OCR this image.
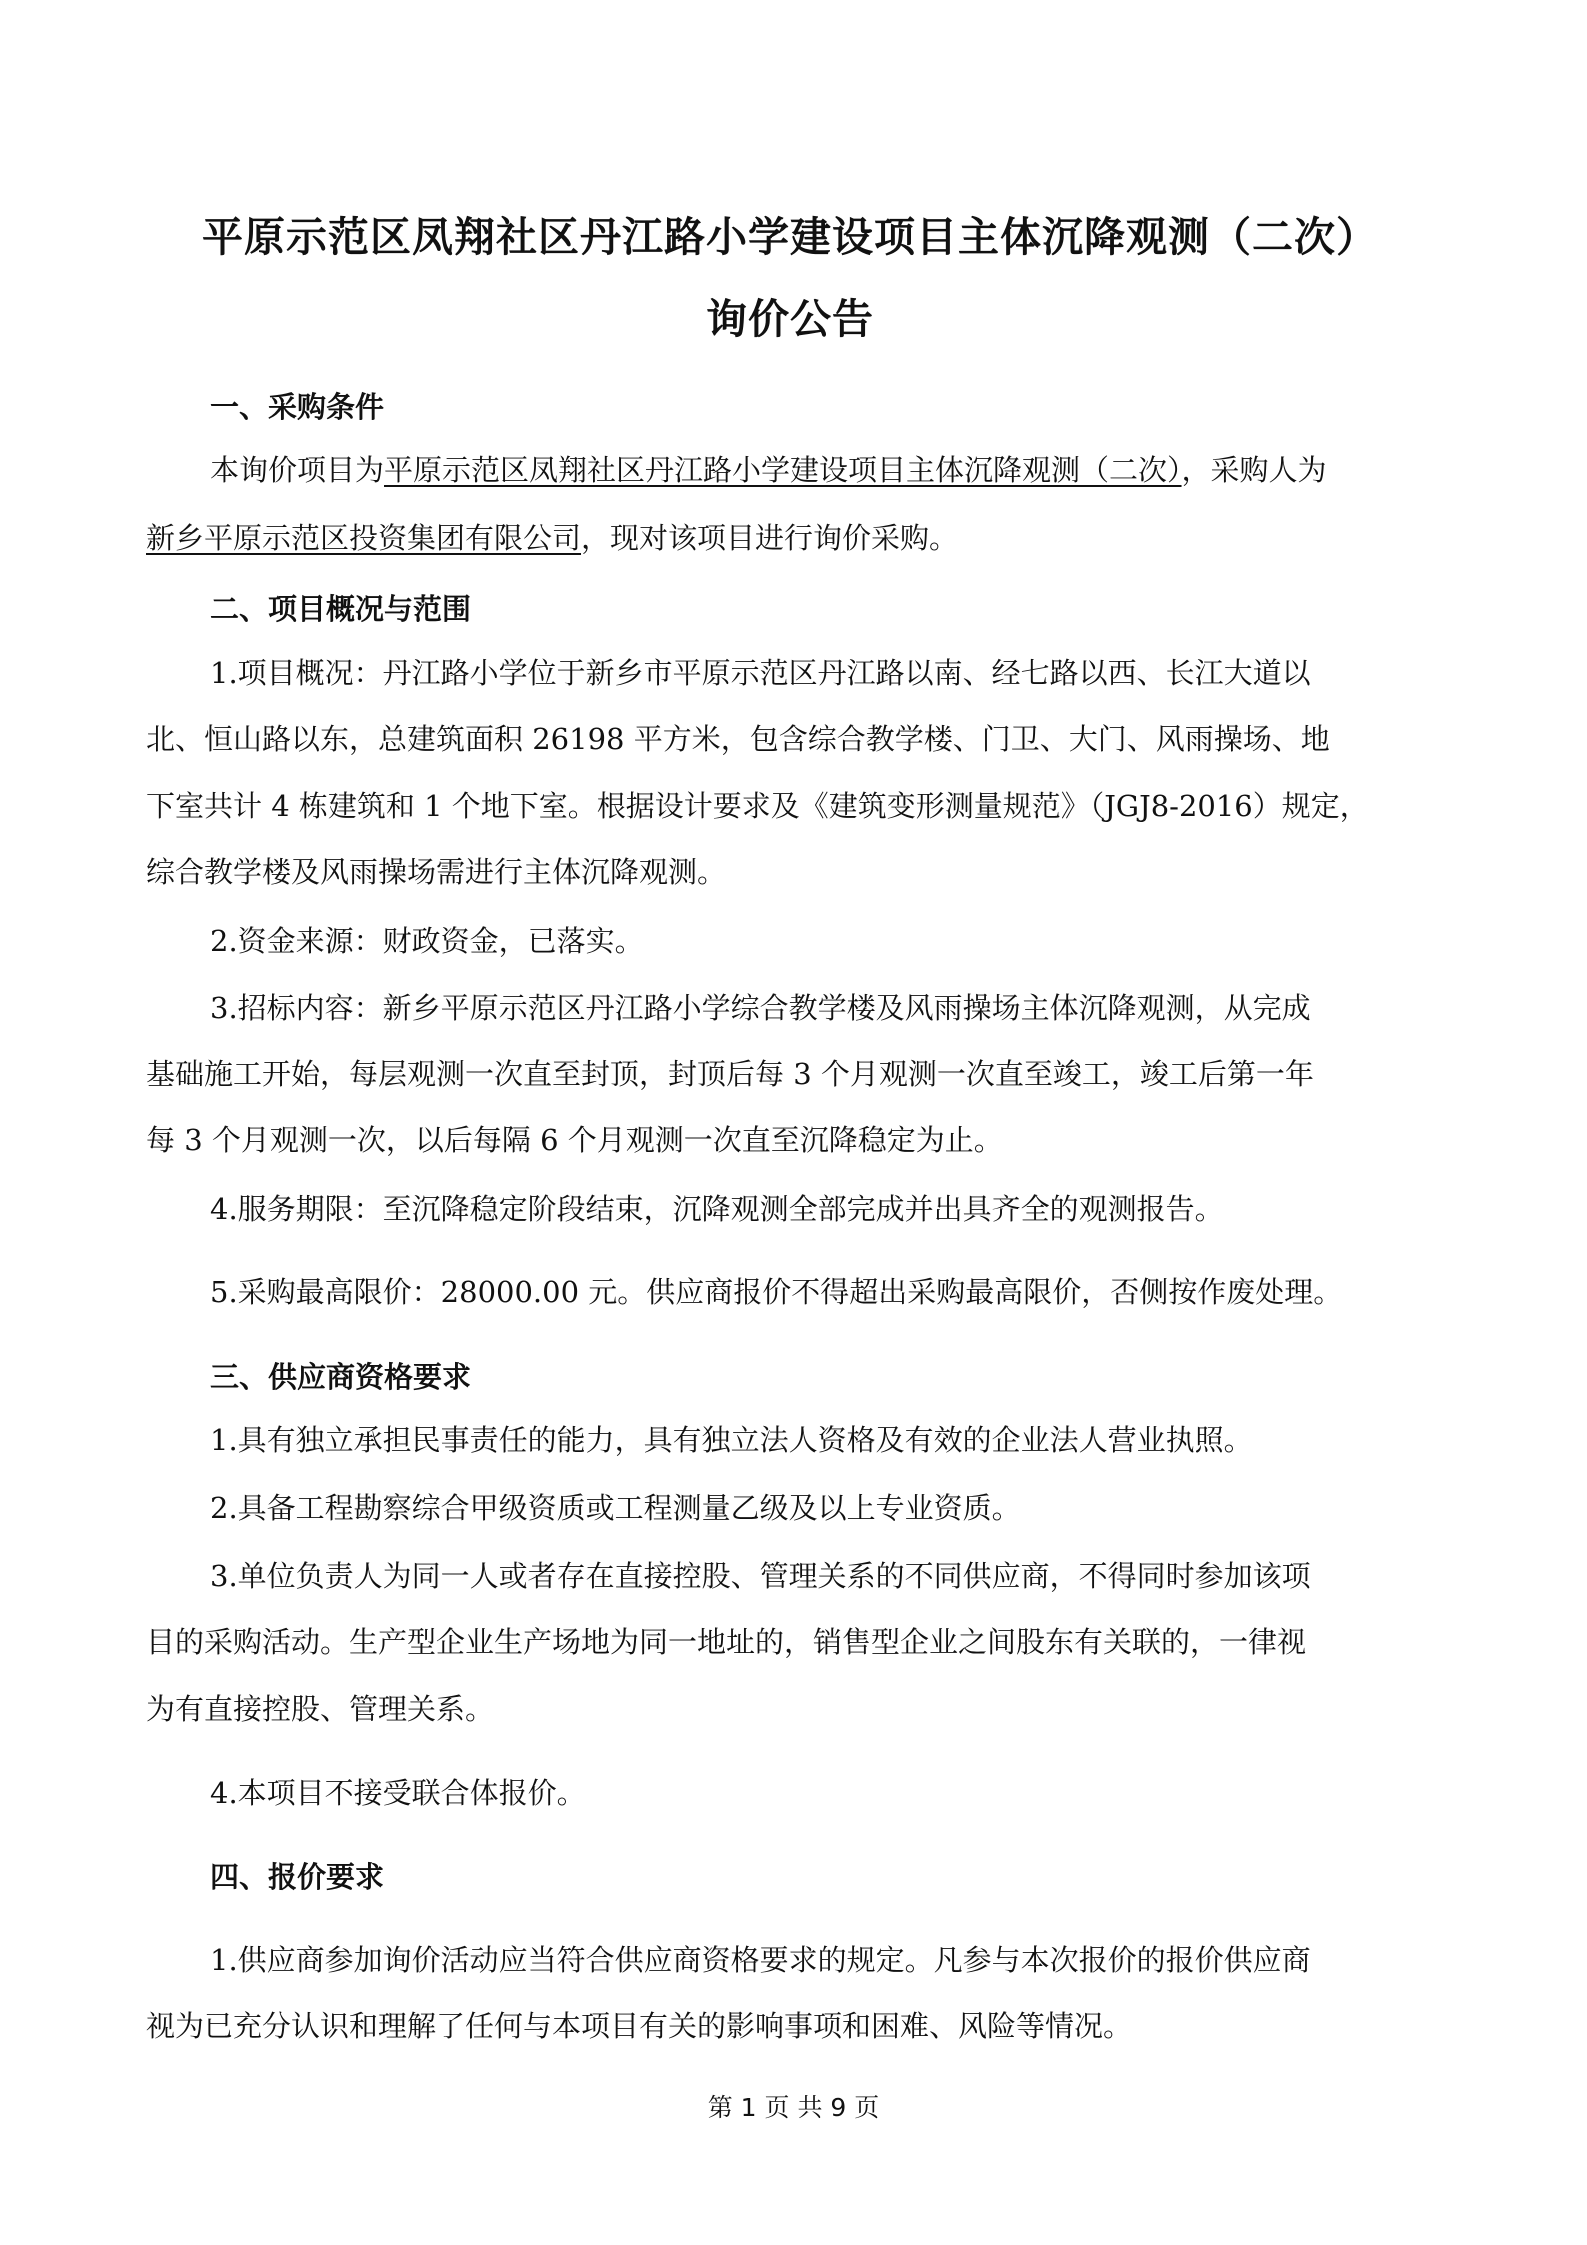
平原示范区凤翔社区丹江路小学建设项目主体沉降观测（二次）
询价公告
一、采购条件
本询价项目为平原示范区凤翔社区丹江路小学建设项目主体沉降观测（二次），采购人为
新乡平原示范区投资集团有限公司，现对该项目进行询价采购。
二、项目概况与范围
1.项目概况：丹江路小学位于新乡市平原示范区丹江路以南、经七路以西、长江大道以
北、恒山路以东，总建筑面积 26198 平方米，包含综合教学楼、门卫、大门、风雨操场、地
下室共计 4 栋建筑和 1 个地下室。根据设计要求及《建筑变形测量规范》（JGJ8-2016）规定，
综合教学楼及风雨操场需进行主体沉降观测。
2.资金来源：财政资金，已落实。
3.招标内容：新乡平原示范区丹江路小学综合教学楼及风雨操场主体沉降观测，从完成
基础施工开始，每层观测一次直至封顶，封顶后每 3 个月观测一次直至竣工，竣工后第一年
每 3 个月观测一次，以后每隔 6 个月观测一次直至沉降稳定为止。
4.服务期限：至沉降稳定阶段结束，沉降观测全部完成并出具齐全的观测报告。
5.采购最高限价：28000.00 元。供应商报价不得超出采购最高限价，否侧按作废处理。
三、供应商资格要求
1.具有独立承担民事责任的能力，具有独立法人资格及有效的企业法人营业执照。
2.具备工程勘察综合甲级资质或工程测量乙级及以上专业资质。
3.单位负责人为同一人或者存在直接控股、管理关系的不同供应商，不得同时参加该项
目的采购活动。生产型企业生产场地为同一地址的，销售型企业之间股东有关联的，一律视
为有直接控股、管理关系。
4.本项目不接受联合体报价。
四、报价要求
1.供应商参加询价活动应当符合供应商资格要求的规定。凡参与本次报价的报价供应商
视为已充分认识和理解了任何与本项目有关的影响事项和困难、风险等情况。
第 1 页 共 9 页
